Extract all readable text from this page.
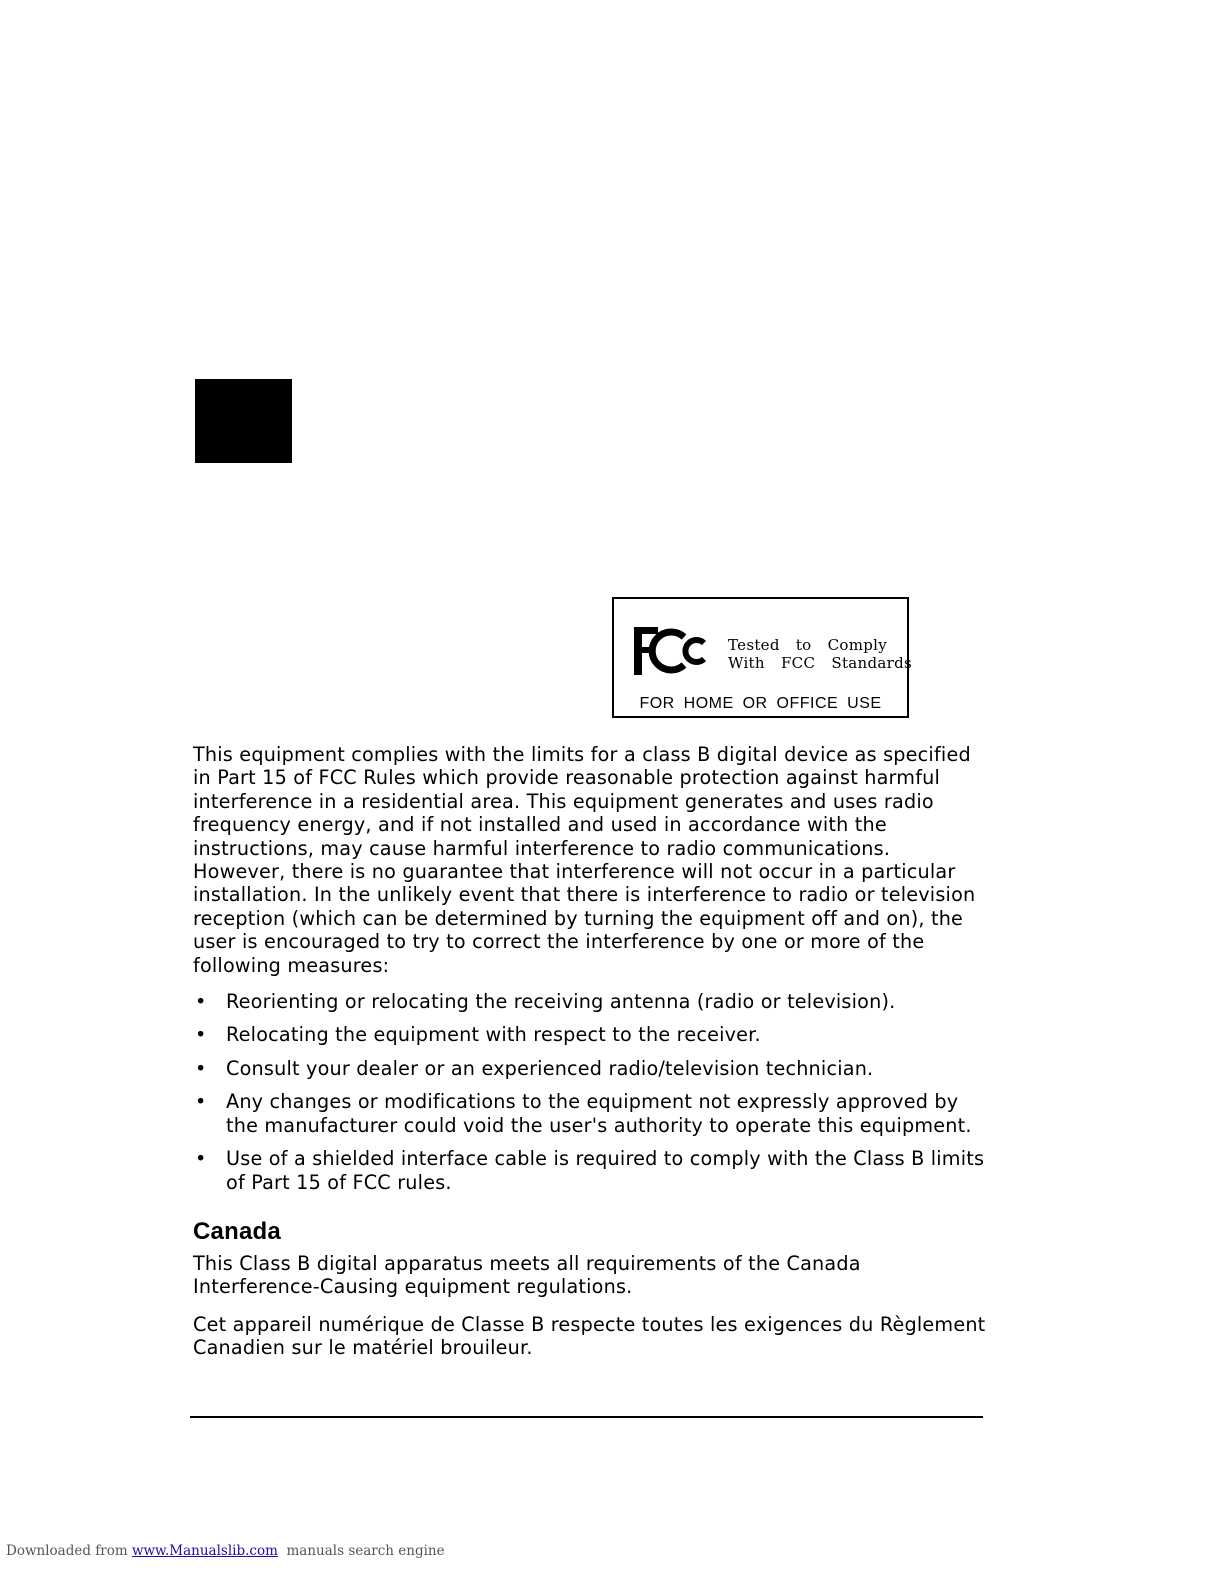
Tested  to  Comply
With  FCC  Standards
FOR HOME OR OFFICE USE

This equipment complies with the limits for a class B digital device as specified in Part 15 of FCC Rules which provide reasonable protection against harmful interference in a residential area. This equipment generates and uses radio frequency energy, and if not installed and used in accordance with the instructions, may cause harmful interference to radio communications. However, there is no guarantee that interference will not occur in a particular installation. In the unlikely event that there is interference to radio or television reception (which can be determined by turning the equipment off and on), the user is encouraged to try to correct the interference by one or more of the following measures:

• Reorienting or relocating the receiving antenna (radio or television).
• Relocating the equipment with respect to the receiver.
• Consult your dealer or an experienced radio/television technician.
• Any changes or modifications to the equipment not expressly approved by the manufacturer could void the user's authority to operate this equipment.
• Use of a shielded interface cable is required to comply with the Class B limits of Part 15 of FCC rules.
Canada

This Class B digital apparatus meets all requirements of the Canada Interference-Causing equipment regulations.

Cet appareil numérique de Classe B respecte toutes les exigences du Règlement Canadien sur le matériel brouileur.

Downloaded from www.Manualslib.com  manuals search engine
